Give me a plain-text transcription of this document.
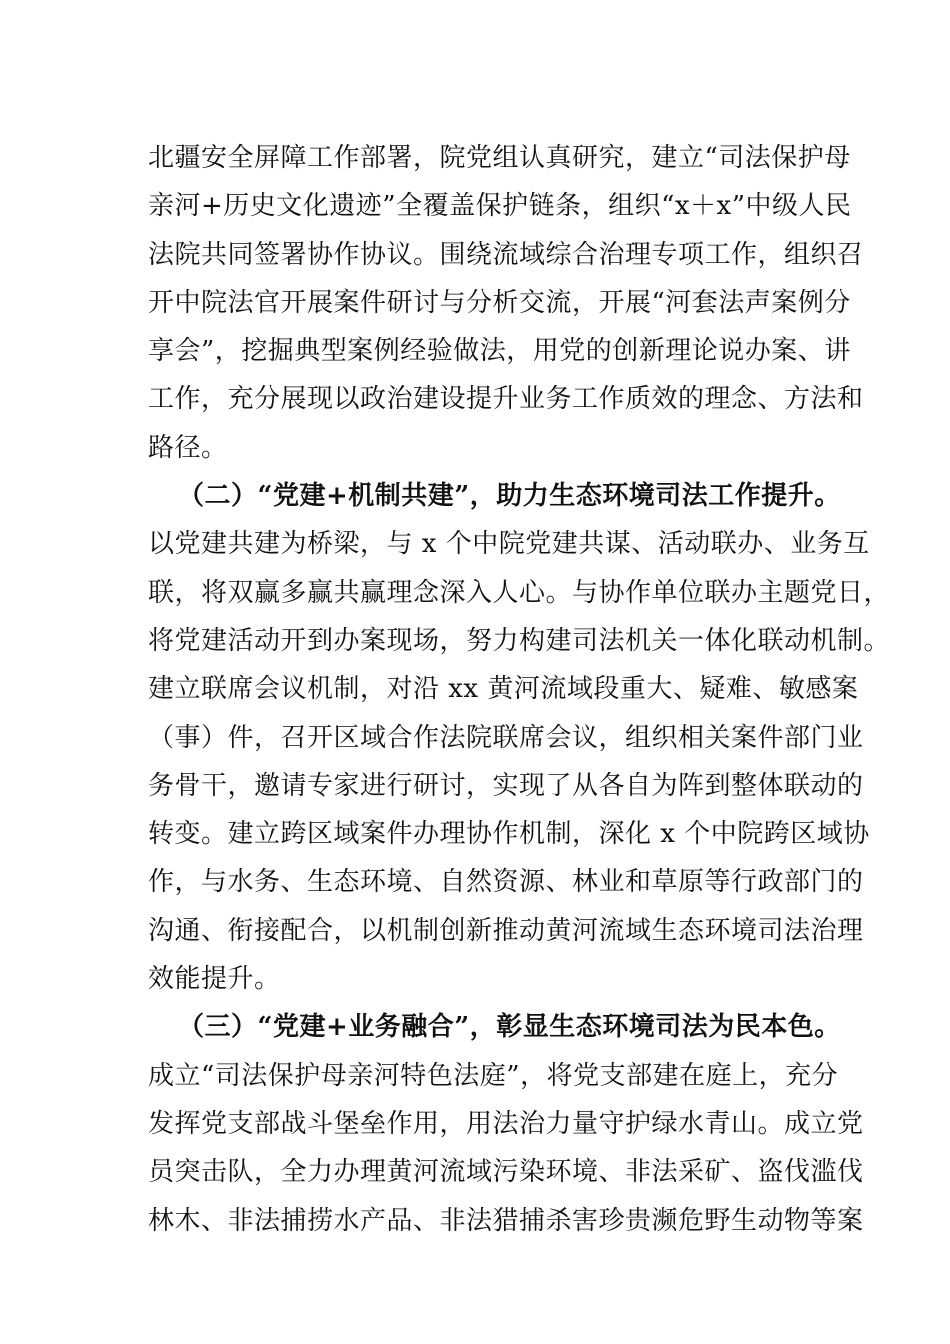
北疆安全屏障工作部署，院党组认真研究，建立“司法保护母
亲河+历史文化遗迹”全覆盖保护链条，组织“x＋x”中级人民
法院共同签署协作协议。围绕流域综合治理专项工作，组织召
开中院法官开展案件研讨与分析交流，开展“河套法声案例分
享会”，挖掘典型案例经验做法，用党的创新理论说办案、讲
工作，充分展现以政治建设提升业务工作质效的理念、方法和
路径。
（二）“党建+机制共建”，助力生态环境司法工作提升。
以党建共建为桥梁，与 x 个中院党建共谋、活动联办、业务互
联，将双赢多赢共赢理念深入人心。与协作单位联办主题党日，
将党建活动开到办案现场，努力构建司法机关一体化联动机制。
建立联席会议机制，对沿 xx 黄河流域段重大、疑难、敏感案
（事）件，召开区域合作法院联席会议，组织相关案件部门业
务骨干，邀请专家进行研讨，实现了从各自为阵到整体联动的
转变。建立跨区域案件办理协作机制，深化 x 个中院跨区域协
作，与水务、生态环境、自然资源、林业和草原等行政部门的
沟通、衔接配合，以机制创新推动黄河流域生态环境司法治理
效能提升。
（三）“党建+业务融合”，彰显生态环境司法为民本色。
成立“司法保护母亲河特色法庭”，将党支部建在庭上，充分
发挥党支部战斗堡垒作用，用法治力量守护绿水青山。成立党
员突击队，全力办理黄河流域污染环境、非法采矿、盗伐滥伐
林木、非法捕捞水产品、非法猎捕杀害珍贵濒危野生动物等案
